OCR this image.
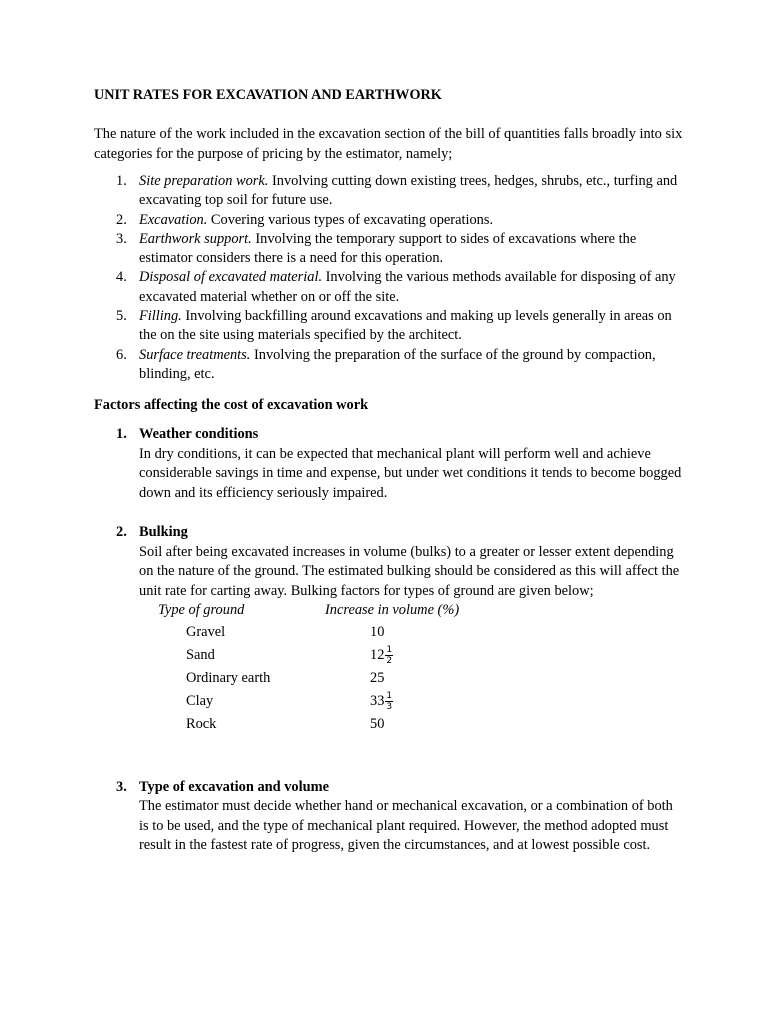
UNIT RATES FOR EXCAVATION AND EARTHWORK
The nature of the work included in the excavation section of the bill of quantities falls broadly into six categories for the purpose of pricing by the estimator, namely;
1. Site preparation work. Involving cutting down existing trees, hedges, shrubs, etc., turfing and excavating top soil for future use.
2. Excavation. Covering various types of excavating operations.
3. Earthwork support. Involving the temporary support to sides of excavations where the estimator considers there is a need for this operation.
4. Disposal of excavated material. Involving the various methods available for disposing of any excavated material whether on or off the site.
5. Filling. Involving backfilling around excavations and making up levels generally in areas on the on the site using materials specified by the architect.
6. Surface treatments. Involving the preparation of the surface of the ground by compaction, blinding, etc.
Factors affecting the cost of excavation work
1. Weather conditions
In dry conditions, it can be expected that mechanical plant will perform well and achieve considerable savings in time and expense, but under wet conditions it tends to become bogged down and its efficiency seriously impaired.
2. Bulking
Soil after being excavated increases in volume (bulks) to a greater or lesser extent depending on the nature of the ground. The estimated bulking should be considered as this will affect the unit rate for carting away. Bulking factors for types of ground are given below;
Type of ground	Increase in volume (%)
Gravel	10
Sand	$12 \frac{1}{2}$

Ordinary earth	25
Clay	$33 \frac{1}{3}$

Rock	50
3. Type of excavation and volume
The estimator must decide whether hand or mechanical excavation, or a combination of both is to be used, and the type of mechanical plant required. However, the method adopted must result in the fastest rate of progress, given the circumstances, and at lowest possible cost.
